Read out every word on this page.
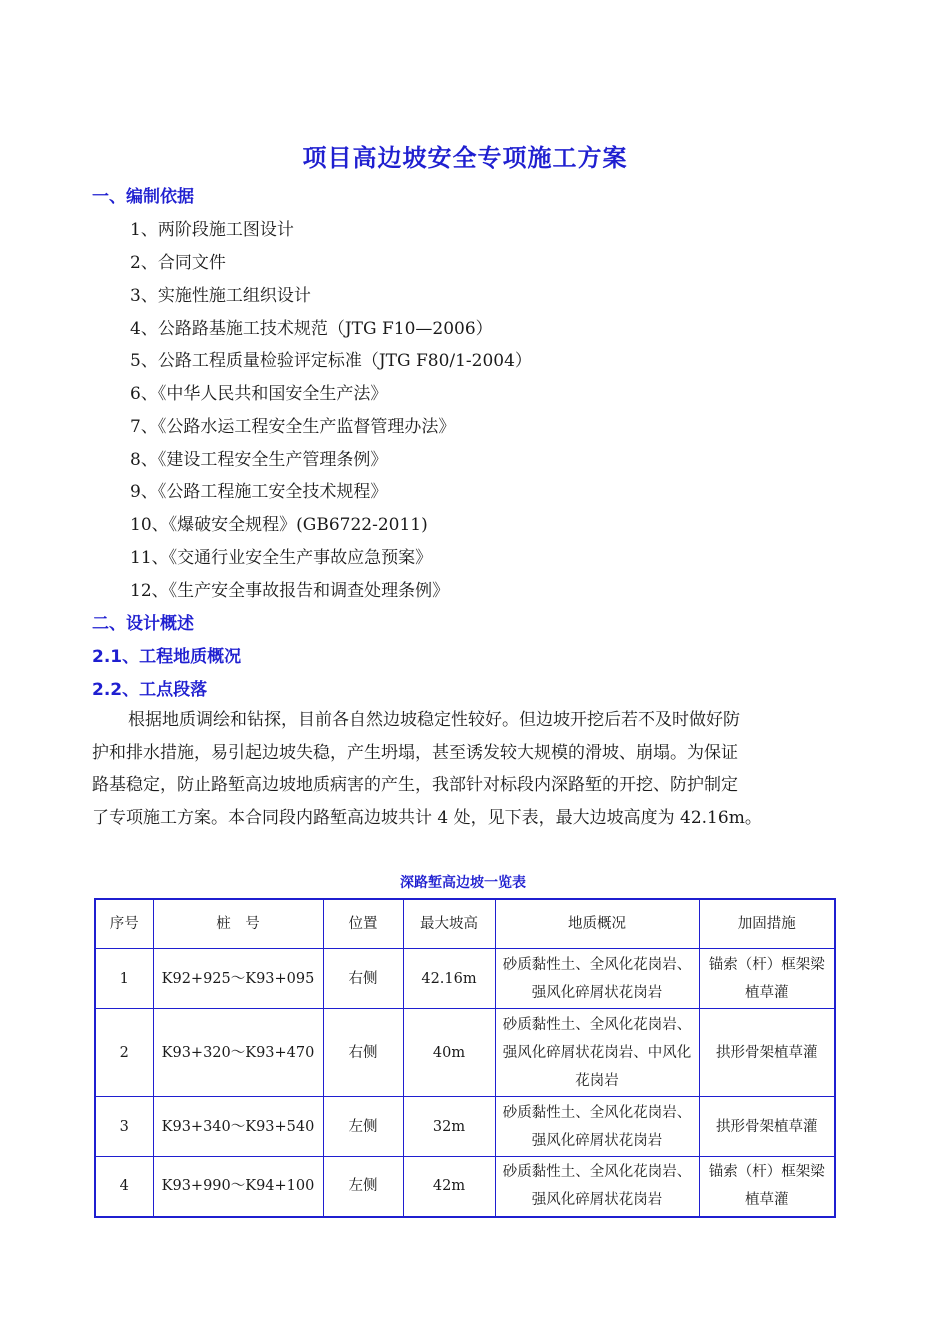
项目高边坡安全专项施工方案
一、编制依据
1、两阶段施工图设计
2、合同文件
3、实施性施工组织设计
4、公路路基施工技术规范（JTG F10—2006）
5、公路工程质量检验评定标准（JTG F80/1-2004）
6、《中华人民共和国安全生产法》
7、《公路水运工程安全生产监督管理办法》
8、《建设工程安全生产管理条例》
9、《公路工程施工安全技术规程》
10、《爆破安全规程》(GB6722-2011)
11、《交通行业安全生产事故应急预案》
12、《生产安全事故报告和调查处理条例》
二、设计概述
2.1、工程地质概况
2.2、工点段落

根据地质调绘和钻探，目前各自然边坡稳定性较好。但边坡开挖后若不及时做好防

护和排水措施，易引起边坡失稳，产生坍塌，甚至诱发较大规模的滑坡、崩塌。为保证

路基稳定，防止路堑高边坡地质病害的产生，我部针对标段内深路堑的开挖、防护制定

了专项施工方案。本合同段内路堑高边坡共计 4 处，见下表，最大边坡高度为 42.16m。

深路堑高边坡一览表
序号	桩　号	位置	最大坡高	地质概况	加固措施
1	K92+925～K93+095	右侧	42.16m	砂质黏性土、全风化花岗岩、强风化碎屑状花岗岩	锚索（杆）框架梁植草灌
2	K93+320～K93+470	右侧	40m	砂质黏性土、全风化花岗岩、强风化碎屑状花岗岩、中风化花岗岩	拱形骨架植草灌
3	K93+340～K93+540	左侧	32m	砂质黏性土、全风化花岗岩、强风化碎屑状花岗岩	拱形骨架植草灌
4	K93+990～K94+100	左侧	42m	砂质黏性土、全风化花岗岩、强风化碎屑状花岗岩	锚索（杆）框架梁植草灌
